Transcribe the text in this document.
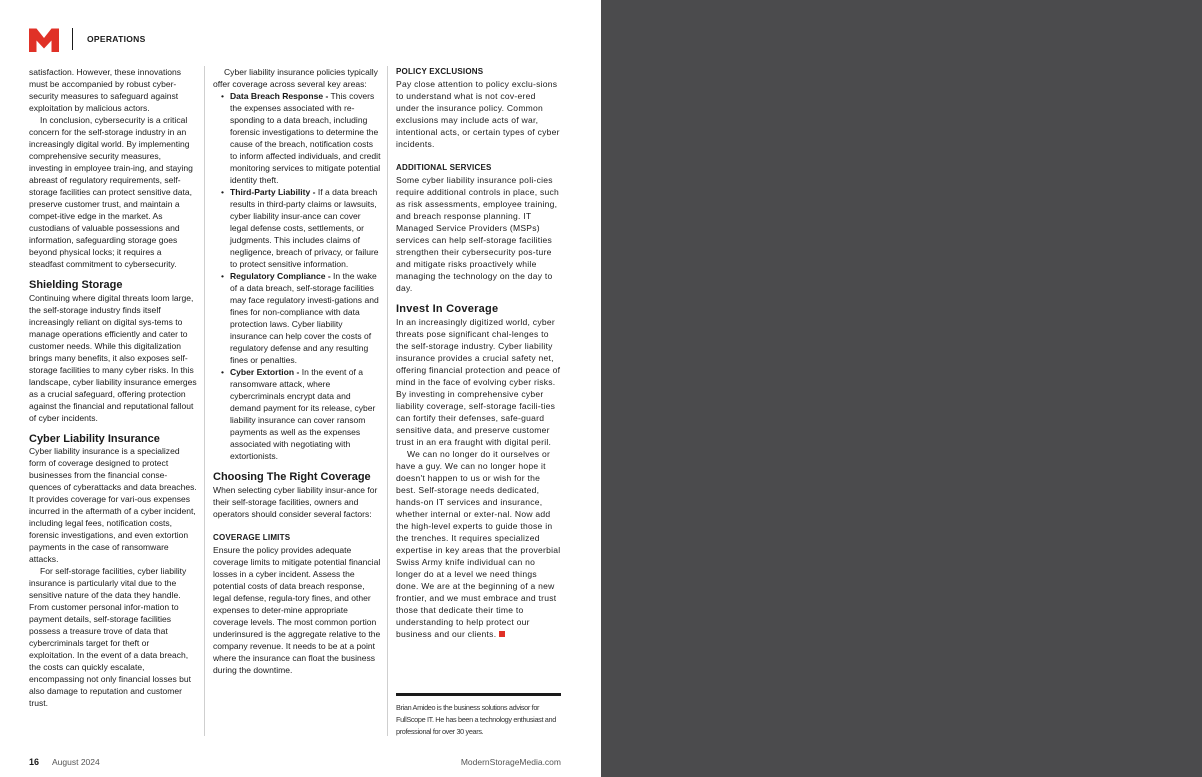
OPERATIONS

satisfaction. However, these innovations must be accompanied by robust cyber-security measures to safeguard against exploitation by malicious actors.

In conclusion, cybersecurity is a critical concern for the self-storage industry in an increasingly digital world. By implementing comprehensive security measures, investing in employee train-ing, and staying abreast of regulatory requirements, self-storage facilities can protect sensitive data, preserve customer trust, and maintain a compet-itive edge in the market. As custodians of valuable possessions and information, safeguarding storage goes beyond physical locks; it requires a steadfast commitment to cybersecurity.

Shielding Storage

Continuing where digital threats loom large, the self-storage industry finds itself increasingly reliant on digital sys-tems to manage operations efficiently and cater to customer needs. While this digitalization brings many benefits, it also exposes self-storage facilities to many cyber risks. In this landscape, cyber liability insurance emerges as a crucial safeguard, offering protection against the financial and reputational fallout of cyber incidents.

Cyber Liability Insurance

Cyber liability insurance is a specialized form of coverage designed to protect businesses from the financial conse-quences of cyberattacks and data breaches. It provides coverage for vari-ous expenses incurred in the aftermath of a cyber incident, including legal fees, notification costs, forensic investigations, and even extortion payments in the case of ransomware attacks.

For self-storage facilities, cyber liability insurance is particularly vital due to the sensitive nature of the data they handle. From customer personal infor-mation to payment details, self-storage facilities possess a treasure trove of data that cybercriminals target for theft or exploitation. In the event of a data breach, the costs can quickly escalate, encompassing not only financial losses but also damage to reputation and customer trust.

Cyber liability insurance policies typically offer coverage across several key areas:

• Data Breach Response - This covers the expenses associated with re-sponding to a data breach, including forensic investigations to determine the cause of the breach, notification costs to inform affected individuals, and credit monitoring services to mitigate potential identity theft.
• Third-Party Liability - If a data breach results in third-party claims or lawsuits, cyber liability insur-ance can cover legal defense costs, settlements, or judgments. This includes claims of negligence, breach of privacy, or failure to protect sensitive information.
• Regulatory Compliance - In the wake of a data breach, self-storage facilities may face regulatory investi-gations and fines for non-compliance with data protection laws. Cyber liability insurance can help cover the costs of regulatory defense and any resulting fines or penalties.
• Cyber Extortion - In the event of a ransomware attack, where cybercriminals encrypt data and demand payment for its release, cyber liability insurance can cover ransom payments as well as the expenses associated with negotiating with extortionists.
Choosing The Right Coverage

When selecting cyber liability insur-ance for their self-storage facilities, owners and operators should consider several factors:

COVERAGE LIMITS

Ensure the policy provides adequate coverage limits to mitigate potential financial losses in a cyber incident. Assess the potential costs of data breach response, legal defense, regula-tory fines, and other expenses to deter-mine appropriate coverage levels. The most common portion underinsured is the aggregate relative to the company revenue. It needs to be at a point where the insurance can float the business during the downtime.

POLICY EXCLUSIONS

Pay close attention to policy exclu-sions to understand what is not cov-ered under the insurance policy. Common exclusions may include acts of war, intentional acts, or certain types of cyber incidents.

ADDITIONAL SERVICES

Some cyber liability insurance poli-cies require additional controls in place, such as risk assessments, employee training, and breach response planning. IT Managed Service Providers (MSPs) services can help self-storage facilities strengthen their cybersecurity pos-ture and mitigate risks proactively while managing the technology on the day to day.

Invest In Coverage

In an increasingly digitized world, cyber threats pose significant chal-lenges to the self-storage industry. Cyber liability insurance provides a crucial safety net, offering financial protection and peace of mind in the face of evolving cyber risks. By investing in comprehensive cyber liability coverage, self-storage facili-ties can fortify their defenses, safe-guard sensitive data, and preserve customer trust in an era fraught with digital peril.

We can no longer do it ourselves or have a guy. We can no longer hope it doesn't happen to us or wish for the best. Self-storage needs dedicated, hands-on IT services and insurance, whether internal or exter-nal. Now add the high-level experts to guide those in the trenches. It requires specialized expertise in key areas that the proverbial Swiss Army knife individual can no longer do at a level we need things done. We are at the beginning of a new frontier, and we must embrace and trust those that dedicate their time to understanding to help protect our business and our clients.

Brian Amideo is the business solutions advisor for FullScope IT. He has been a technology enthusiast and professional for over 30 years.
16 August 2024	ModernStorageMedia.com
